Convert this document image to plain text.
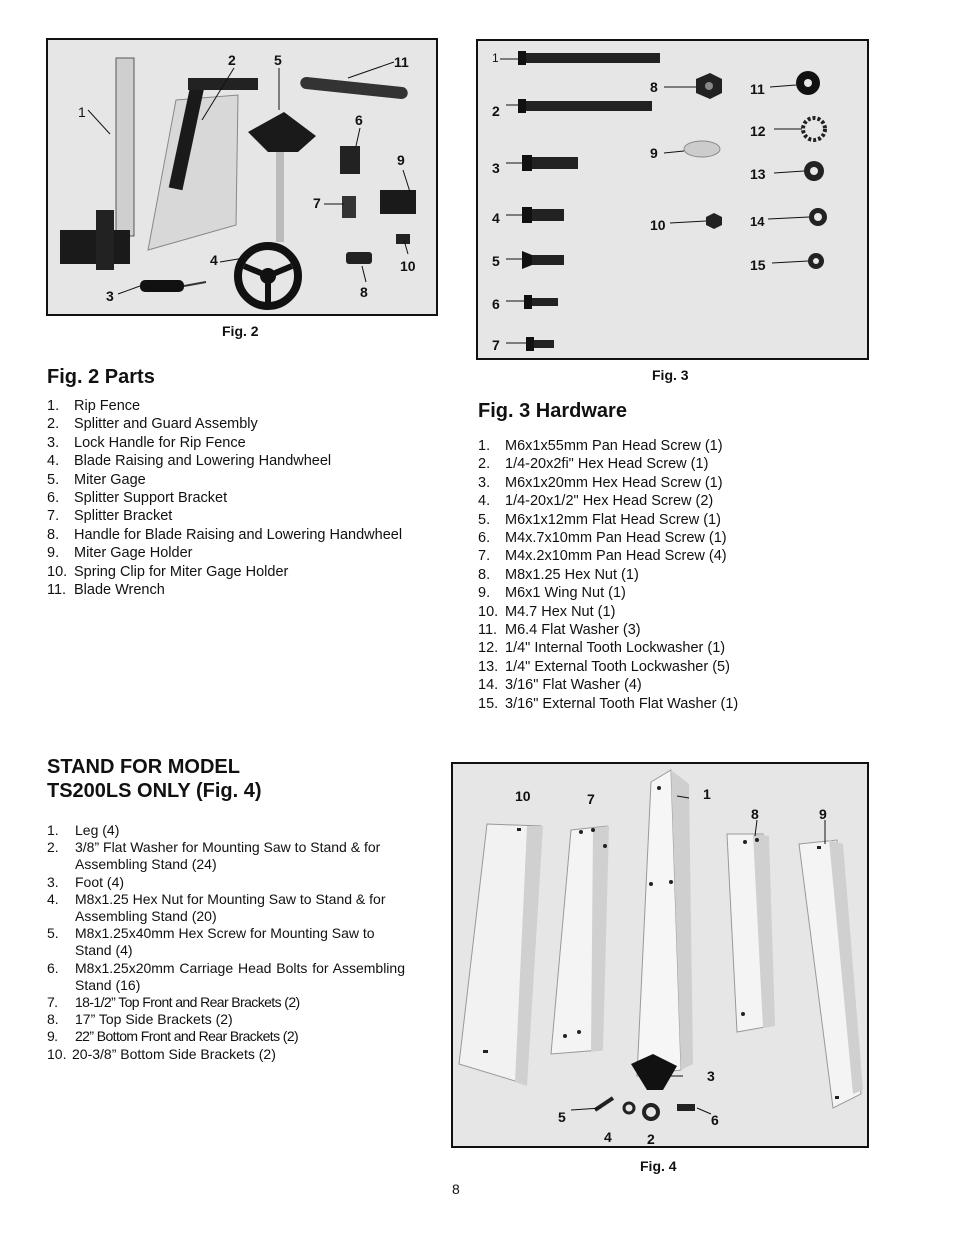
1
2	5	11
6
9
7
4	10
3	8
Fig. 2
1
2
3
4
5
6
7
8
9
10
11
12
13
14
15
Fig. 3
Fig. 2 Parts
1.	Rip Fence
2.	Splitter and Guard Assembly
3.	Lock Handle for Rip Fence
4.	Blade Raising and Lowering Handwheel
5.	Miter Gage
6.	Splitter Support Bracket
7.	Splitter Bracket
8.	Handle for Blade Raising and Lowering Handwheel
9.	Miter Gage Holder
10. Spring Clip for Miter Gage Holder
11. Blade Wrench
Fig. 3 Hardware
1.	M6x1x55mm Pan Head Screw (1)
2.	1/4-20x2fi" Hex Head Screw (1)
3.	M6x1x20mm Hex Head Screw (1)
4.	1/4-20x1/2" Hex Head Screw (2)
5.	M6x1x12mm Flat Head Screw (1)
6.	M4x.7x10mm Pan Head Screw (1)
7.	M4x.2x10mm Pan Head Screw (4)
8.	M8x1.25 Hex Nut (1)
9.	M6x1 Wing Nut (1)
10. M4.7 Hex Nut (1)
11. M6.4 Flat Washer (3)
12. 1/4" Internal Tooth Lockwasher (1)
13. 1/4" External Tooth Lockwasher (5)
14. 3/16" Flat Washer (4)
15. 3/16" External Tooth Flat Washer (1)
STAND FOR MODEL
TS200LS ONLY (Fig. 4)
1.	Leg (4)
2.	3/8” Flat Washer for Mounting Saw to Stand & for Assembling Stand (24)
3.	Foot (4)
4.	M8x1.25 Hex Nut for Mounting Saw to Stand & for Assembling Stand (20)
5.	M8x1.25x40mm Hex Screw for Mounting Saw to Stand (4)
6.	M8x1.25x20mm Carriage Head Bolts for Assembling Stand (16)
7.	18-1/2” Top Front and Rear Brackets (2)
8.	17” Top Side Brackets (2)
9.	22” Bottom Front and Rear Brackets (2)
10. 20-3/8” Bottom Side Brackets (2)
10	7	1
8	9
3
5
4	2
6
Fig. 4
8
